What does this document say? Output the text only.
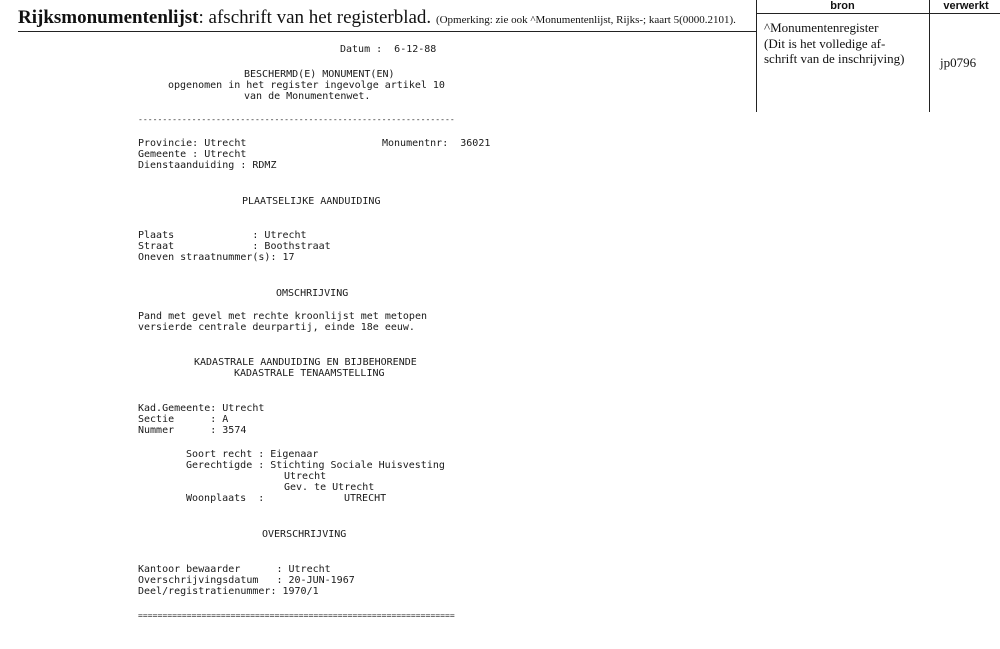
Rijksmonumentenlijst: afschrift van het registerblad. (Opmerking: zie ook ^Monumentenlijst, Rijks-; kaart 5(0000.2101).
bron	verwerkt
^Monumentenregister
(Dit is het volledige af-
schrift van de inschrijving)	jp0796
Datum :  6-12-88
BESCHERMD(E) MONUMENT(EN)
opgenomen in het register ingevolge artikel 10
van de Monumentenwet.
-----------------------------------------------------------------
Provincie: Utrecht	Monumentnr:  36021
Gemeente : Utrecht
Dienstaanduiding : RDMZ
PLAATSELIJKE AANDUIDING
Plaats             : Utrecht
Straat             : Boothstraat
Oneven straatnummer(s): 17
OMSCHRIJVING
Pand met gevel met rechte kroonlijst met metopen
versierde centrale deurpartij, einde 18e eeuw.
KADASTRALE AANDUIDING EN BIJBEHORENDE
KADASTRALE TENAAMSTELLING
Kad.Gemeente: Utrecht
Sectie      : A
Nummer      : 3574
Soort recht : Eigenaar
Gerechtigde : Stichting Sociale Huisvesting
Utrecht
Gev. te Utrecht
Woonplaats  :	UTRECHT
OVERSCHRIJVING
Kantoor bewaarder      : Utrecht
Overschrijvingsdatum   : 20-JUN-1967
Deel/registratienummer: 1970/1
=================================================================
